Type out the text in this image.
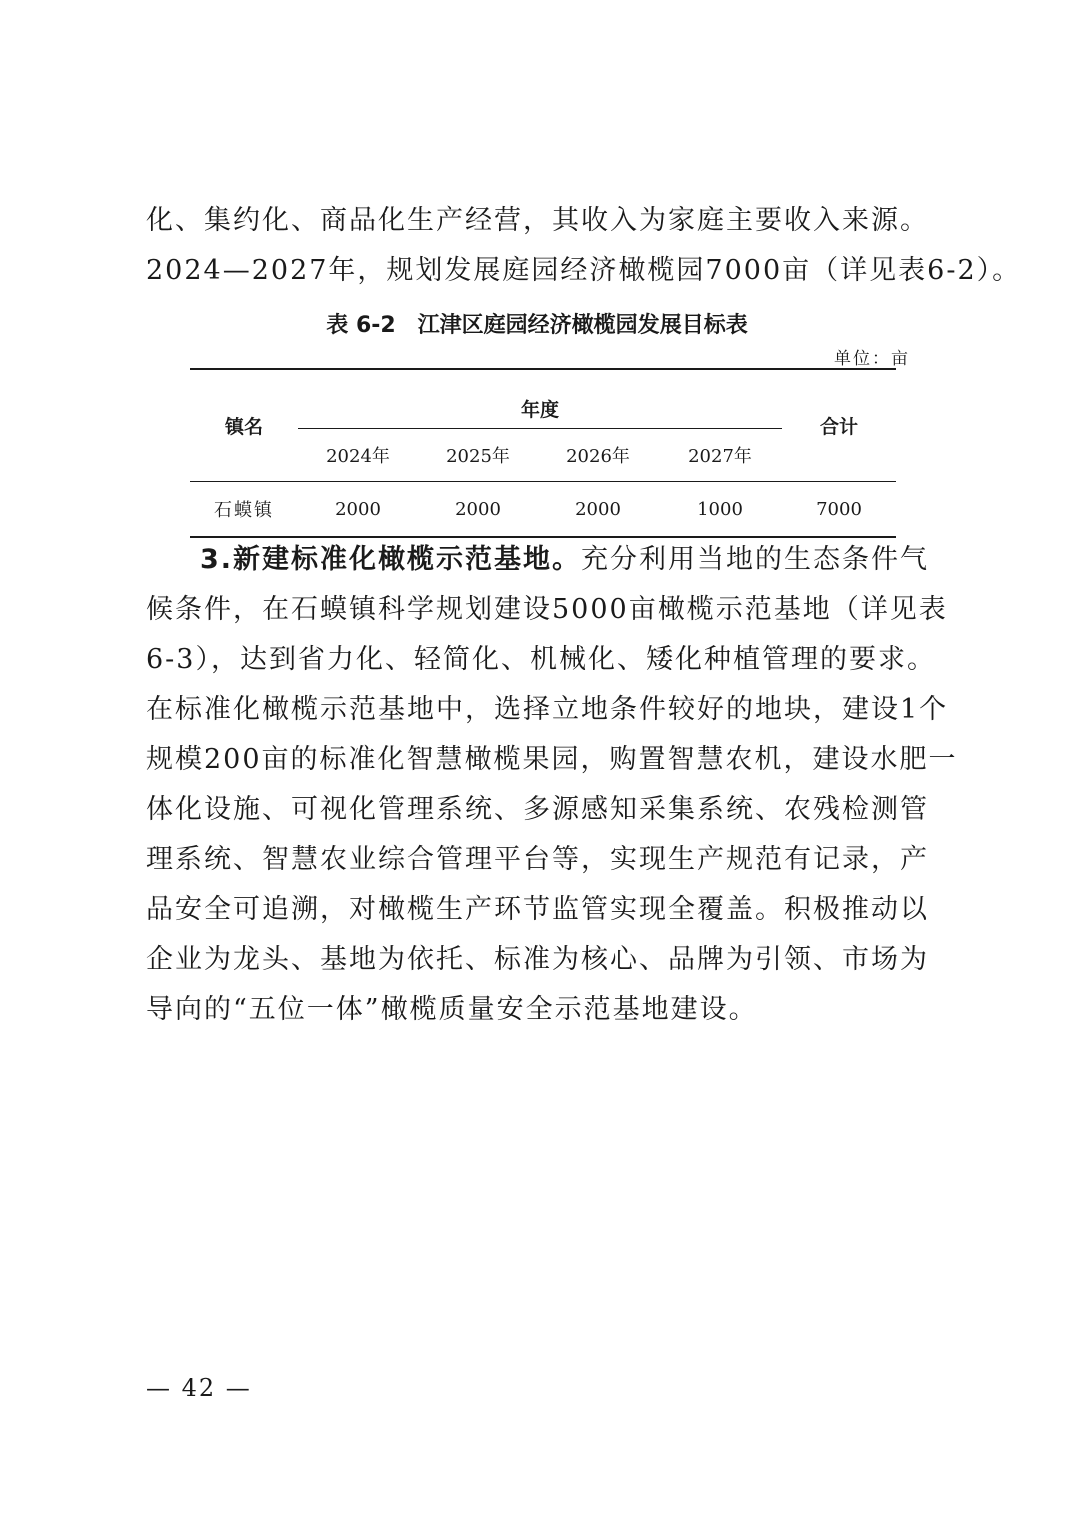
化、集约化、商品化生产经营，其收入为家庭主要收入来源。
2024—2027年，规划发展庭园经济橄榄园7000亩（详见表6-2）。
表 6-2　江津区庭园经济橄榄园发展目标表
单位：亩
镇名	年度				合计
	2024年	2025年	2026年	2027年	
石蟆镇	2000	2000	2000	1000	7000
3.新建标准化橄榄示范基地。充分利用当地的生态条件气
候条件，在石蟆镇科学规划建设5000亩橄榄示范基地（详见表
6-3），达到省力化、轻简化、机械化、矮化种植管理的要求。
在标准化橄榄示范基地中，选择立地条件较好的地块，建设1个
规模200亩的标准化智慧橄榄果园，购置智慧农机，建设水肥一
体化设施、可视化管理系统、多源感知采集系统、农残检测管
理系统、智慧农业综合管理平台等，实现生产规范有记录，产
品安全可追溯，对橄榄生产环节监管实现全覆盖。积极推动以
企业为龙头、基地为依托、标准为核心、品牌为引领、市场为
导向的“五位一体”橄榄质量安全示范基地建设。
— 42 —
